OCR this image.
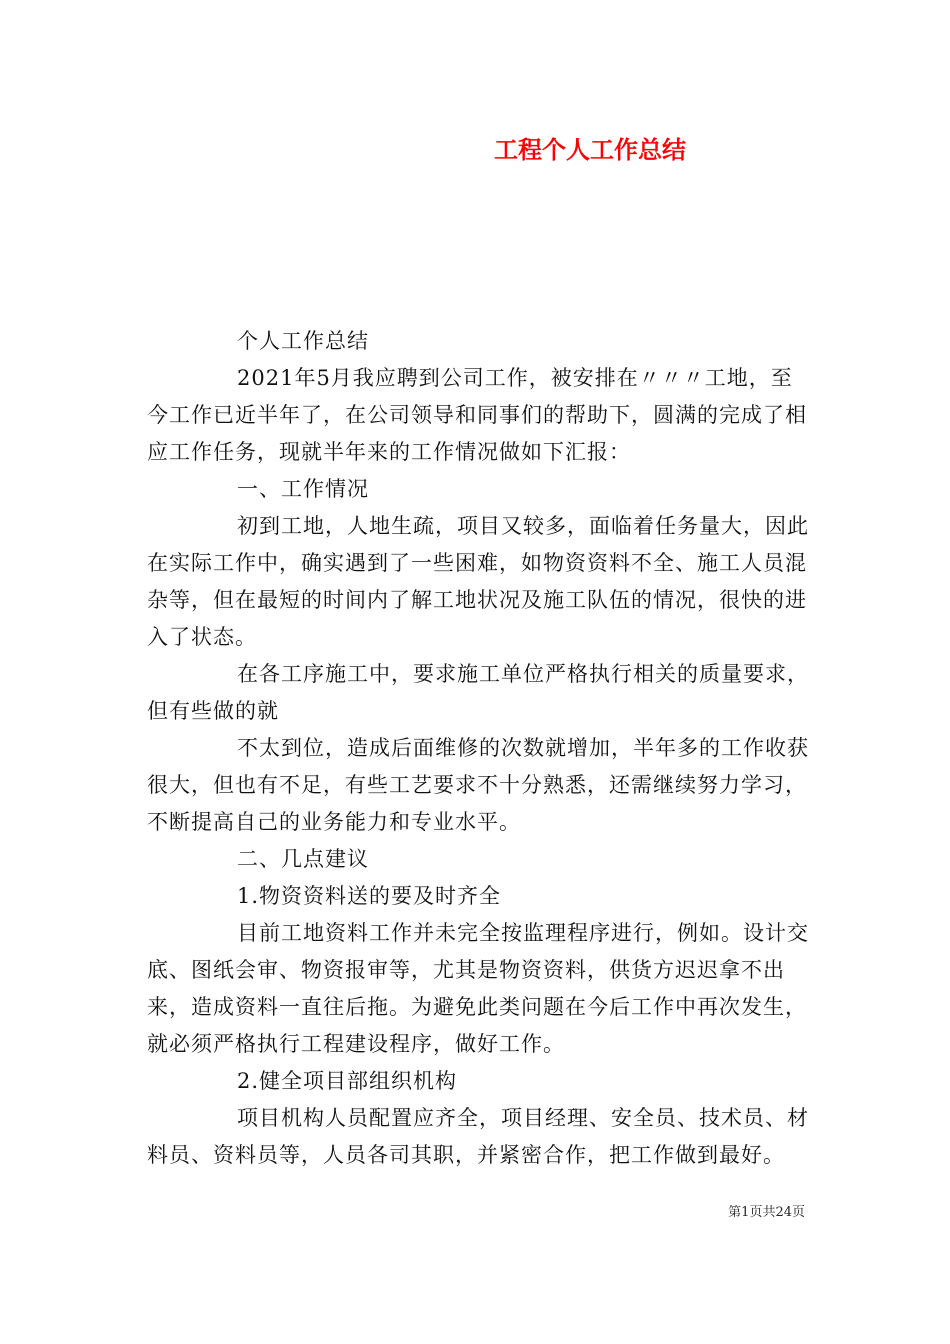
工程个人工作总结

个人工作总结

2021年5月我应聘到公司工作，被安排在〃〃〃工地，至今工作已近半年了，在公司领导和同事们的帮助下，圆满的完成了相应工作任务，现就半年来的工作情况做如下汇报：

一、工作情况

初到工地，人地生疏，项目又较多，面临着任务量大，因此在实际工作中，确实遇到了一些困难，如物资资料不全、施工人员混杂等，但在最短的时间内了解工地状况及施工队伍的情况，很快的进入了状态。

在各工序施工中，要求施工单位严格执行相关的质量要求，但有些做的就

不太到位，造成后面维修的次数就增加，半年多的工作收获很大，但也有不足，有些工艺要求不十分熟悉，还需继续努力学习，不断提高自己的业务能力和专业水平。

二、几点建议

1.物资资料送的要及时齐全

目前工地资料工作并未完全按监理程序进行，例如。设计交底、图纸会审、物资报审等，尤其是物资资料，供货方迟迟拿不出来，造成资料一直往后拖。为避免此类问题在今后工作中再次发生，就必须严格执行工程建设程序，做好工作。

2.健全项目部组织机构

项目机构人员配置应齐全，项目经理、安全员、技术员、材料员、资料员等，人员各司其职，并紧密合作，把工作做到最好。

第1页共24页
